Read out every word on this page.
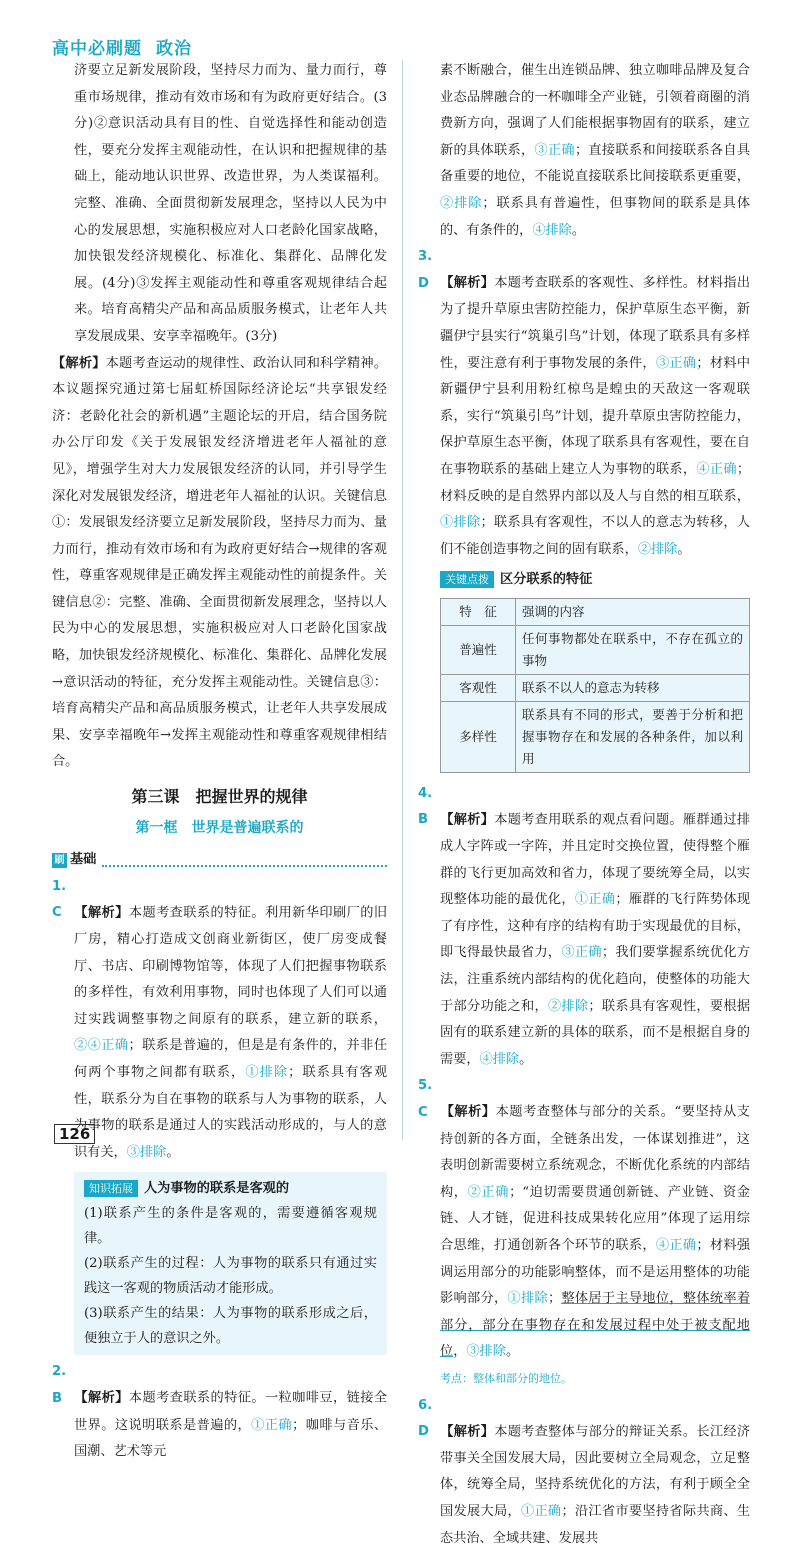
高中必刷题 政治

济要立足新发展阶段，坚持尽力而为、量力而行，尊重市场规律，推动有效市场和有为政府更好结合。(3分)②意识活动具有目的性、自觉选择性和能动创造性，要充分发挥主观能动性，在认识和把握规律的基础上，能动地认识世界、改造世界，为人类谋福利。完整、准确、全面贯彻新发展理念，坚持以人民为中心的发展思想，实施积极应对人口老龄化国家战略，加快银发经济规模化、标准化、集群化、品牌化发展。(4分)③发挥主观能动性和尊重客观规律结合起来。培育高精尖产品和高品质服务模式，让老年人共享发展成果、安享幸福晚年。(3分)

【解析】本题考查运动的规律性、政治认同和科学精神。本议题探究通过第七届虹桥国际经济论坛“共享银发经济：老龄化社会的新机遇”主题论坛的开启，结合国务院办公厅印发《关于发展银发经济增进老年人福祉的意见》，增强学生对大力发展银发经济的认同，并引导学生深化对发展银发经济，增进老年人福祉的认识。关键信息①：发展银发经济要立足新发展阶段，坚持尽力而为、量力而行，推动有效市场和有为政府更好结合→规律的客观性，尊重客观规律是正确发挥主观能动性的前提条件。关键信息②：完整、准确、全面贯彻新发展理念，坚持以人民为中心的发展思想，实施积极应对人口老龄化国家战略，加快银发经济规模化、标准化、集群化、品牌化发展→意识活动的特征，充分发挥主观能动性。关键信息③：培育高精尖产品和高品质服务模式，让老年人共享发展成果、安享幸福晚年→发挥主观能动性和尊重客观规律相结合。

第三课　把握世界的规律
第一框　世界是普遍联系的
刷 基础

1. C 【解析】本题考查联系的特征。利用新华印刷厂的旧厂房，精心打造成文创商业新街区，使厂房变成餐厅、书店、印刷博物馆等，体现了人们把握事物联系的多样性，有效利用事物，同时也体现了人们可以通过实践调整事物之间原有的联系，建立新的联系，②④正确；联系是普遍的，但是是有条件的，并非任何两个事物之间都有联系，①排除；联系具有客观性，联系分为自在事物的联系与人为事物的联系，人为事物的联系是通过人的实践活动形成的，与人的意识有关，③排除。

知识拓展 人为事物的联系是客观的
(1)联系产生的条件是客观的，需要遵循客观规律。
(2)联系产生的过程：人为事物的联系只有通过实践这一客观的物质活动才能形成。
(3)联系产生的结果：人为事物的联系形成之后，便独立于人的意识之外。

2. B 【解析】本题考查联系的特征。一粒咖啡豆，链接全世界。这说明联系是普遍的，①正确；咖啡与音乐、国潮、艺术等元

素不断融合，催生出连锁品牌、独立咖啡品牌及复合业态品牌融合的一杯咖啡全产业链，引领着商圈的消费新方向，强调了人们能根据事物固有的联系，建立新的具体联系，③正确；直接联系和间接联系各自具备重要的地位，不能说直接联系比间接联系更重要，②排除；联系具有普遍性，但事物间的联系是具体的、有条件的，④排除。

3. D 【解析】本题考查联系的客观性、多样性。材料指出为了提升草原虫害防控能力，保护草原生态平衡，新疆伊宁县实行“筑巢引鸟”计划，体现了联系具有多样性，要注意有利于事物发展的条件，③正确；材料中新疆伊宁县利用粉红椋鸟是蝗虫的天敌这一客观联系，实行“筑巢引鸟”计划，提升草原虫害防控能力，保护草原生态平衡，体现了联系具有客观性，要在自在事物联系的基础上建立人为事物的联系，④正确；材料反映的是自然界内部以及人与自然的相互联系，①排除；联系具有客观性，不以人的意志为转移，人们不能创造事物之间的固有联系，②排除。

关键点拨 区分联系的特征
特　征	强调的内容
普遍性	任何事物都处在联系中，不存在孤立的事物
客观性	联系不以人的意志为转移
多样性	联系具有不同的形式，要善于分析和把握事物存在和发展的各种条件，加以利用

4. B 【解析】本题考查用联系的观点看问题。雁群通过排成人字阵或一字阵，并且定时交换位置，使得整个雁群的飞行更加高效和省力，体现了要统筹全局，以实现整体功能的最优化，①正确；雁群的飞行阵势体现了有序性，这种有序的结构有助于实现最优的目标，即飞得最快最省力，③正确；我们要掌握系统优化方法，注重系统内部结构的优化趋向，使整体的功能大于部分功能之和，②排除；联系具有客观性，要根据固有的联系建立新的具体的联系，而不是根据自身的需要，④排除。

5. C 【解析】本题考查整体与部分的关系。“要坚持从支持创新的各方面，全链条出发，一体谋划推进”，这表明创新需要树立系统观念，不断优化系统的内部结构，②正确；“迫切需要贯通创新链、产业链、资金链、人才链，促进科技成果转化应用”体现了运用综合思维，打通创新各个环节的联系，④正确；材料强调运用部分的功能影响整体，而不是运用整体的功能影响部分，①排除；整体居于主导地位，整体统率着部分，部分在事物存在和发展过程中处于被支配地位，③排除。

考点：整体和部分的地位。

6. D 【解析】本题考查整体与部分的辩证关系。长江经济带事关全国发展大局，因此要树立全局观念，立足整体，统筹全局，坚持系统优化的方法，有利于顾全全国发展大局，①正确；沿江省市要坚持省际共商、生态共治、全域共建、发展共

126
